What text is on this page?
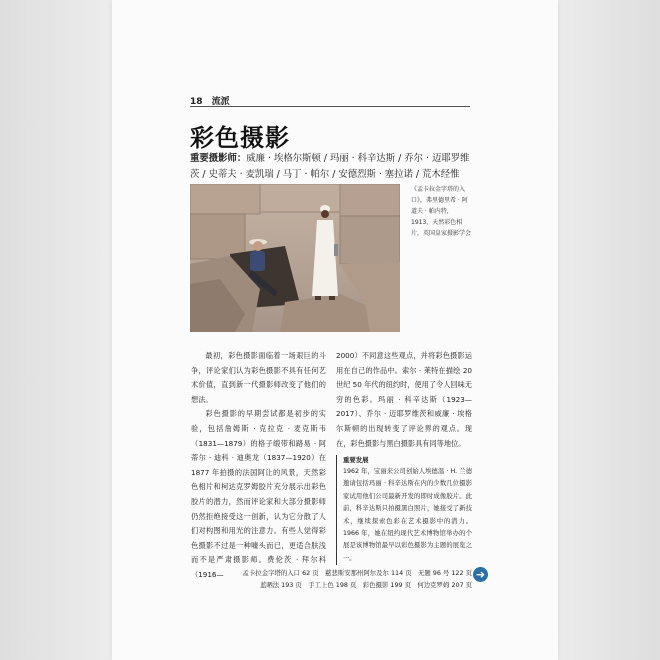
18 流派
彩色摄影
重要摄影师：威廉 · 埃格尔斯顿 / 玛丽 · 科辛达斯 / 乔尔 · 迈耶罗维茨 / 史蒂夫 · 麦凯瑞 / 马丁 · 帕尔 / 安德烈斯 · 塞拉诺 / 荒木经惟
《孟卡拉金字塔的入口》，弗里德里希 · 阿道夫 · 帕内特，1913，天然彩色相片，英国皇家摄影学会

最初，彩色摄影面临着一场艰巨的斗争，评论家们认为彩色摄影不具有任何艺术价值，直到新一代摄影师改变了他们的想法。

彩色摄影的早期尝试都是初步的实验，包括詹姆斯 · 克拉克 · 麦克斯韦（1831—1879）的格子缎带和路易 · 阿蒂尔 · 迪科 · 迪奥龙（1837—1920）在 1877 年拍摄的法国阿让的风景，天然彩色相片和柯达克罗姆胶片充分展示出彩色胶片的潜力，然而评论家和大部分摄影师仍然拒绝接受这一创新，认为它分散了人们对构图和用光的注意力。有些人觉得彩色摄影不过是一种噱头而已，更适合肤浅而不是严肃摄影师。费伦茨 · 拜尔科（1916—

2000）不同意这些观点，并将彩色摄影运用在自己的作品中。索尔 · 莱特在描绘 20 世纪 50 年代的纽约时，使用了令人回味无穷的色彩。玛丽 · 科辛达斯（1923—2017）、乔尔 · 迈耶罗维茨和威廉 · 埃格尔斯顿的出现转变了评论界的观点。现在，彩色摄影与黑白摄影具有同等地位。

重要发展
1962 年，宝丽来公司创始人埃德温 · H. 兰德邀请包括玛丽 · 科辛达斯在内的少数几位摄影家试用他们公司最新开发的即时成像胶片。此前，科辛达斯只拍摄黑白照片，她接受了新技术，继续探索色彩在艺术摄影中的潜力。1966 年，她在纽约现代艺术博物馆举办的个展是该博物馆最早以彩色摄影为主题的展览之一。
孟卡拉金字塔的入口 62 页　慈悲斯安那州阿尔及尔 114 页　无题 96 号 122 页
蓝晒法 193 页　手工上色 198 页　彩色摄影 199 页　何边克罗姆 207 页
➜
